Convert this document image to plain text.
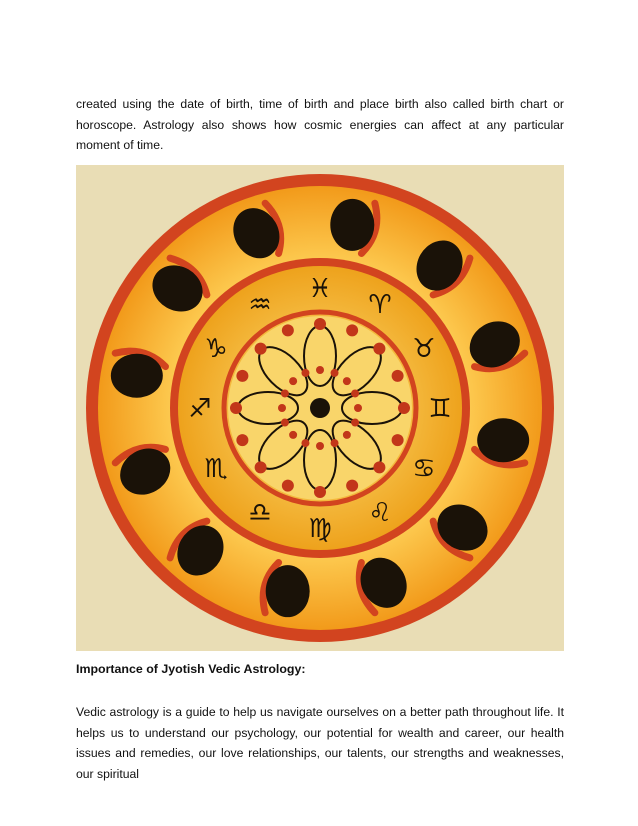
created using the date of birth, time of birth and place birth also called birth chart or horoscope. Astrology also shows how cosmic energies can affect at any particular moment of time.

♓
♈
♉
♊
♋
♌
♍
♎
♏
♐
♑
♒
Importance of Jyotish Vedic Astrology:

Vedic astrology is a guide to help us navigate ourselves on a better path throughout life. It helps us to understand our psychology, our potential for wealth and career, our health issues and remedies, our love relationships, our talents, our strengths and weaknesses, our spiritual
